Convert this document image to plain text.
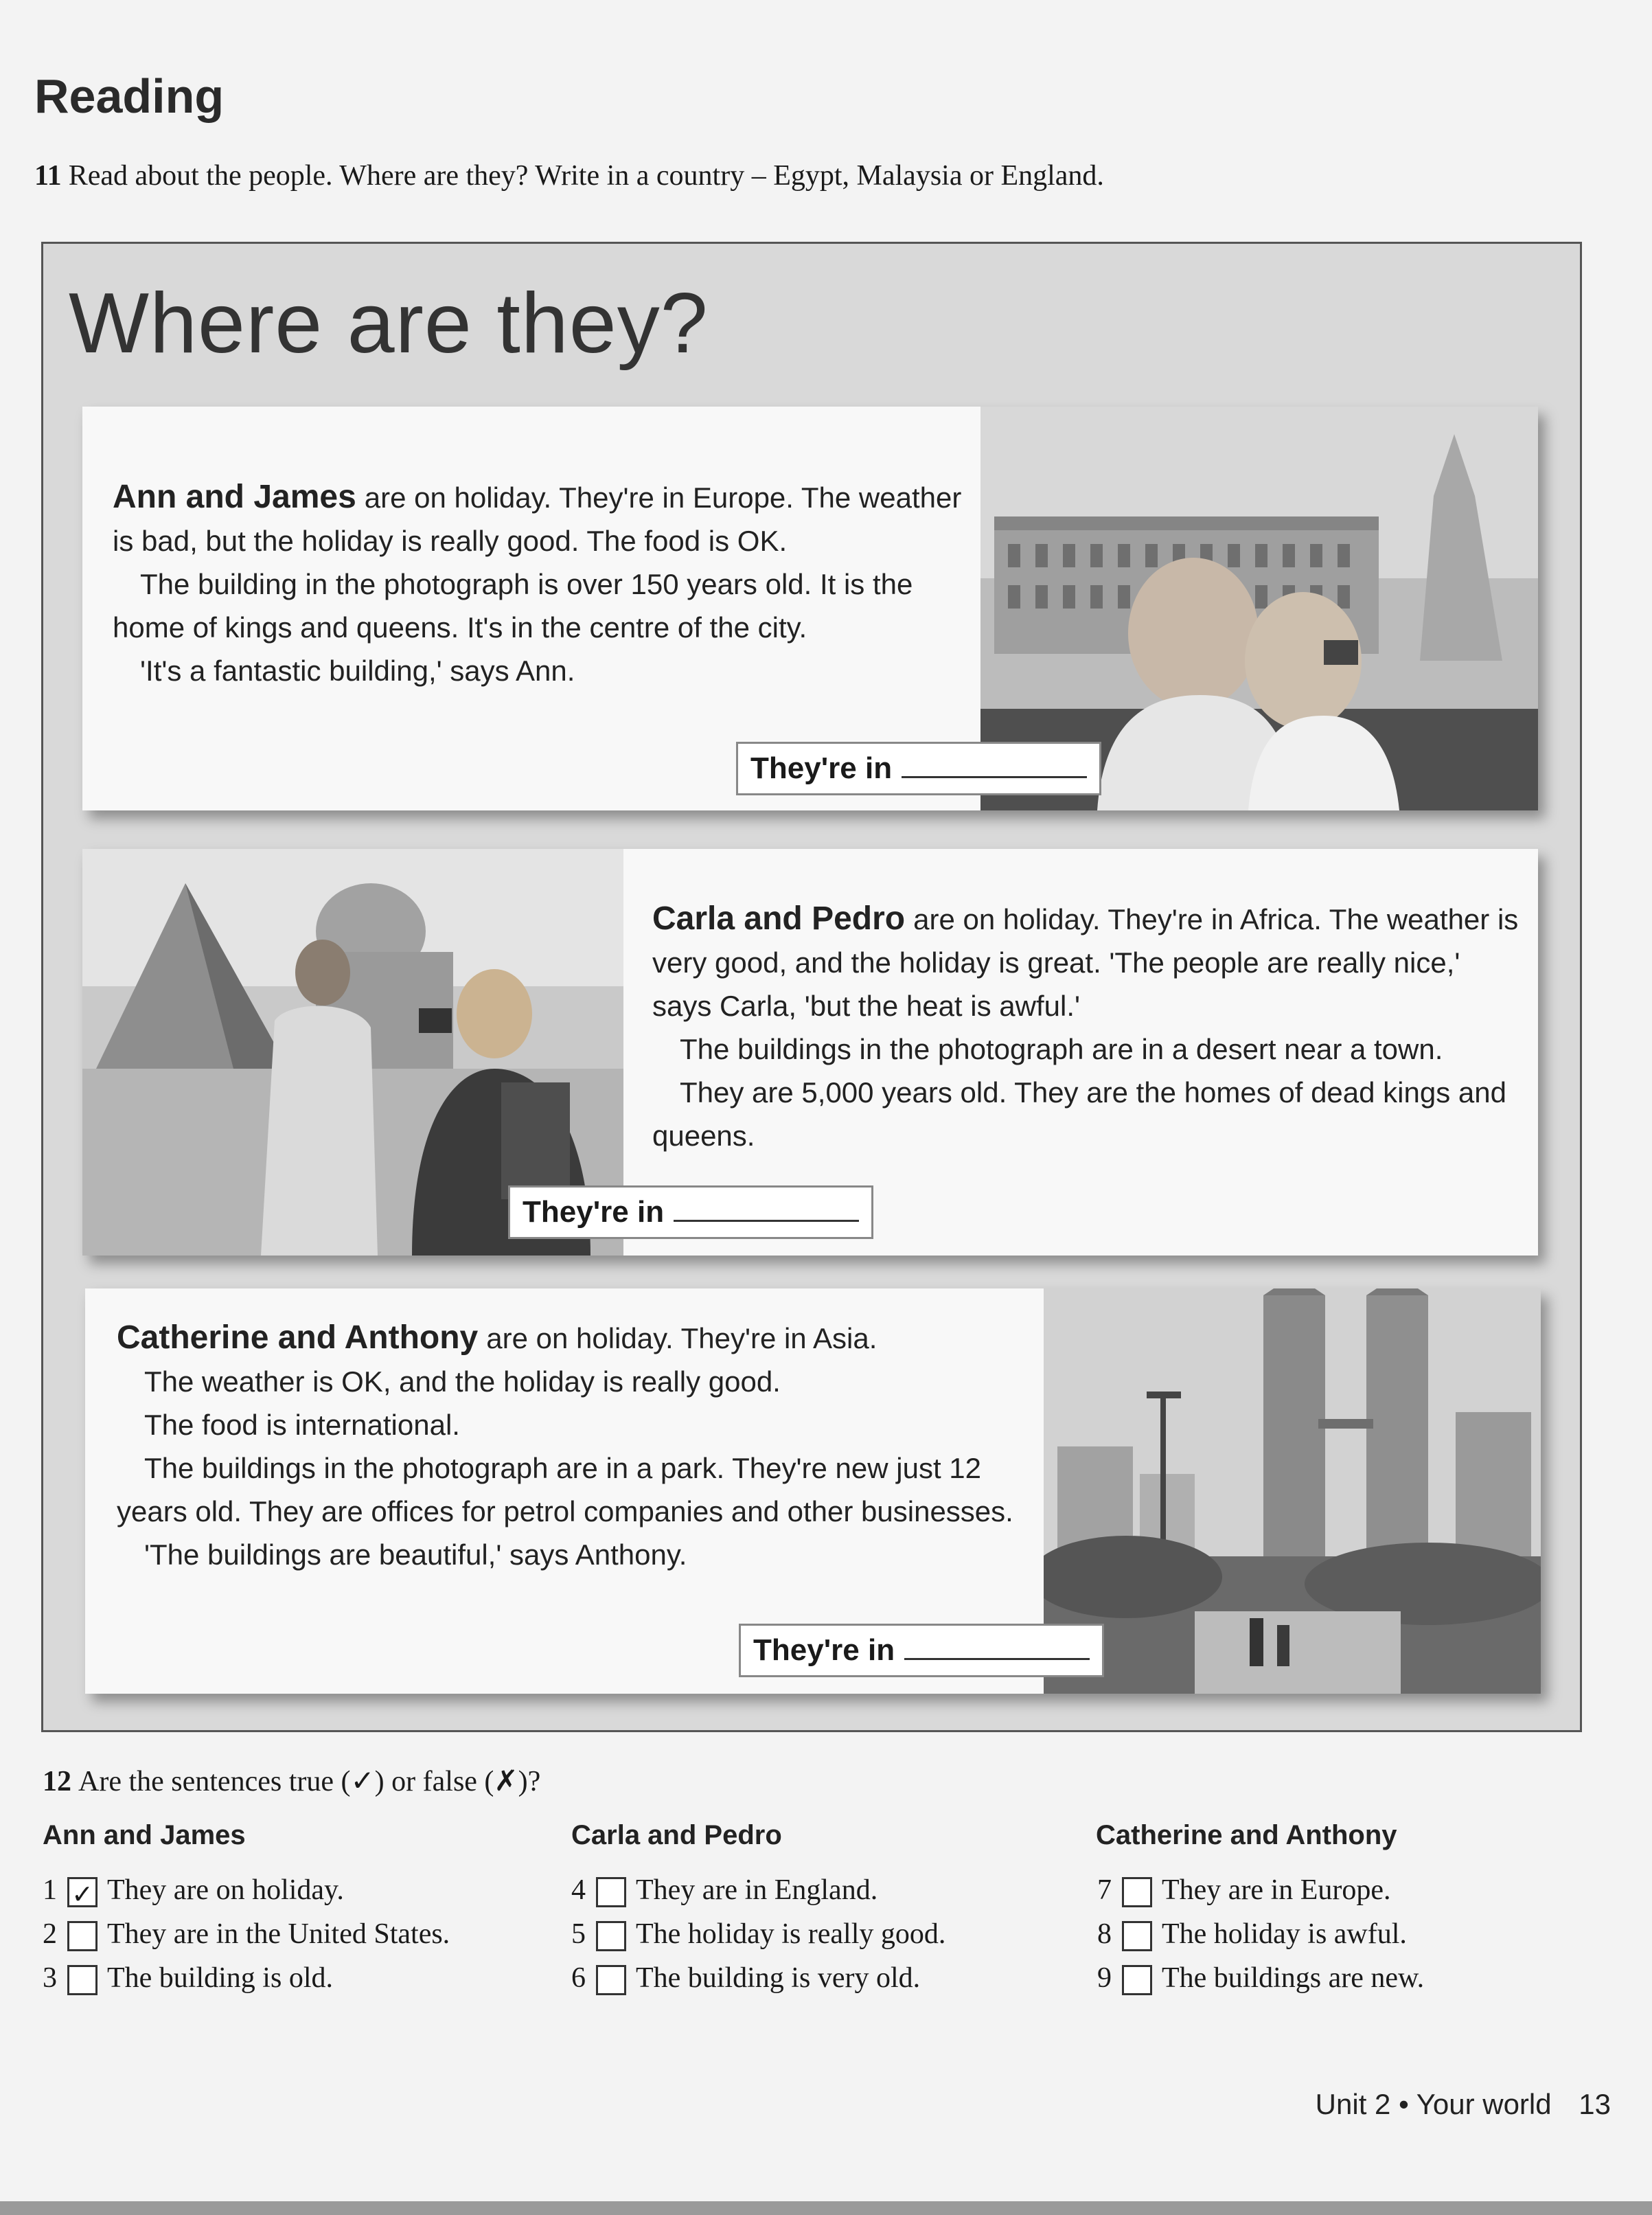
Reading
11 Read about the people. Where are they? Write in a country – Egypt, Malaysia or England.
Where are they?

Ann and James are on holiday. They're in Europe. The weather is bad, but the holiday is really good. The food is OK.

The building in the photograph is over 150 years old. It is the home of kings and queens. It's in the centre of the city.

'It's a fantastic building,' says Ann.

They're in

Carla and Pedro are on holiday. They're in Africa. The weather is very good, and the holiday is great. 'The people are really nice,' says Carla, 'but the heat is awful.'

The buildings in the photograph are in a desert near a town.

They are 5,000 years old. They are the homes of dead kings and queens.

They're in

Catherine and Anthony are on holiday. They're in Asia.

The weather is OK, and the holiday is really good.

The food is international.

The buildings in the photograph are in a park. They're new just 12 years old. They are offices for petrol companies and other businesses.

'The buildings are beautiful,' says Anthony.

They're in
12 Are the sentences true (✓) or false (✗)?
Ann and James	Carla and Pedro	Catherine and Anthony
1 ✓ They are on holiday.
2 They are in the United States.
3 The building is old.
4 They are in England.
5 The holiday is really good.
6 The building is very old.
7 They are in Europe.
8 The holiday is awful.
9 The buildings are new.
Unit 2 • Your world 13
